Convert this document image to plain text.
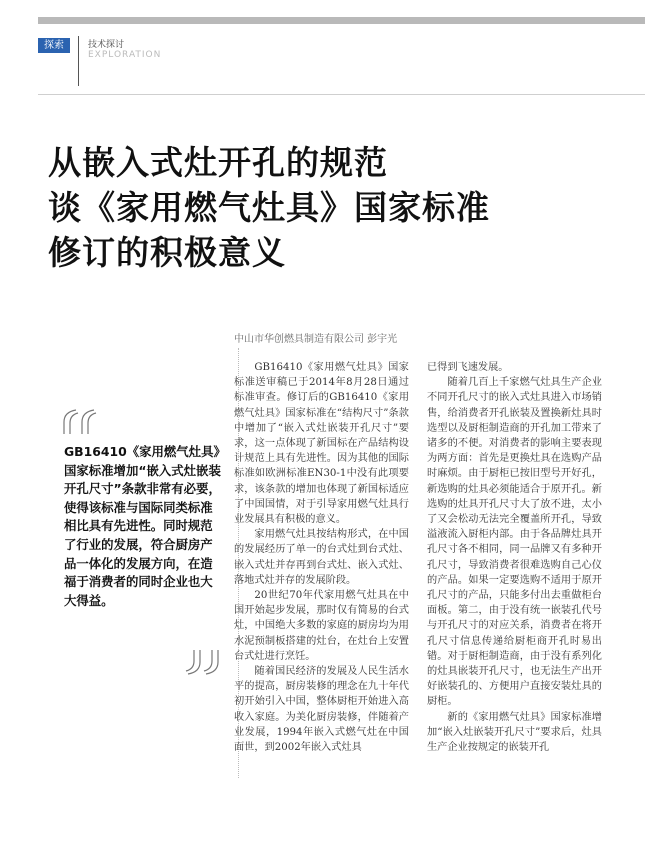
探索	技术探讨
EXPLORATION
从嵌入式灶开孔的规范
谈《家用燃气灶具》国家标准
修订的积极意义
中山市华创燃具制造有限公司 彭宇光

GB16410《家用燃气灶具》国家标准增加“嵌入式灶嵌装开孔尺寸”条款非常有必要，使得该标准与国际同类标准相比具有先进性。同时规范了行业的发展，符合厨房产品一体化的发展方向，在造福于消费者的同时企业也大大得益。

GB16410《家用燃气灶具》国家标准送审稿已于2014年8月28日通过标准审查。修订后的GB16410《家用燃气灶具》国家标准在“结构尺寸”条款中增加了“嵌入式灶嵌装开孔尺寸”要求，这一点体现了新国标在产品结构设计规范上具有先进性。因为其他的国际标准如欧洲标准EN30-1中没有此项要求，该条款的增加也体现了新国标适应了中国国情，对于引导家用燃气灶具行业发展具有积极的意义。

家用燃气灶具按结构形式，在中国的发展经历了单一的台式灶到台式灶、嵌入式灶并存再到台式灶、嵌入式灶、落地式灶并存的发展阶段。

20世纪70年代家用燃气灶具在中国开始起步发展，那时仅有简易的台式灶，中国绝大多数的家庭的厨房均为用水泥预制板搭建的灶台，在灶台上安置台式灶进行烹饪。

随着国民经济的发展及人民生活水平的提高，厨房装修的理念在九十年代初开始引入中国，整体厨柜开始进入高收入家庭。为美化厨房装修，伴随着产业发展，1994年嵌入式燃气灶在中国面世，到2002年嵌入式灶具

已得到飞速发展。

随着几百上千家燃气灶具生产企业不同开孔尺寸的嵌入式灶具进入市场销售，给消费者开孔嵌装及置换新灶具时选型以及厨柜制造商的开孔加工带来了诸多的不便。对消费者的影响主要表现为两方面：首先是更换灶具在选购产品时麻烦。由于厨柜已按旧型号开好孔，新选购的灶具必须能适合于原开孔。新选购的灶具开孔尺寸大了放不进，太小了又会松动无法完全覆盖所开孔，导致溢液流入厨柜内部。由于各品牌灶具开孔尺寸各不相同，同一品牌又有多种开孔尺寸，导致消费者很难选购自己心仪的产品。如果一定要选购不适用于原开孔尺寸的产品，只能多付出去重做柜台面板。第二，由于没有统一嵌装孔代号与开孔尺寸的对应关系，消费者在将开孔尺寸信息传递给厨柜商开孔时易出错。对于厨柜制造商，由于没有系列化的灶具嵌装开孔尺寸，也无法生产出开好嵌装孔的、方便用户直接安装灶具的厨柜。

新的《家用燃气灶具》国家标准增加“嵌入灶嵌装开孔尺寸”要求后，灶具生产企业按规定的嵌装开孔
